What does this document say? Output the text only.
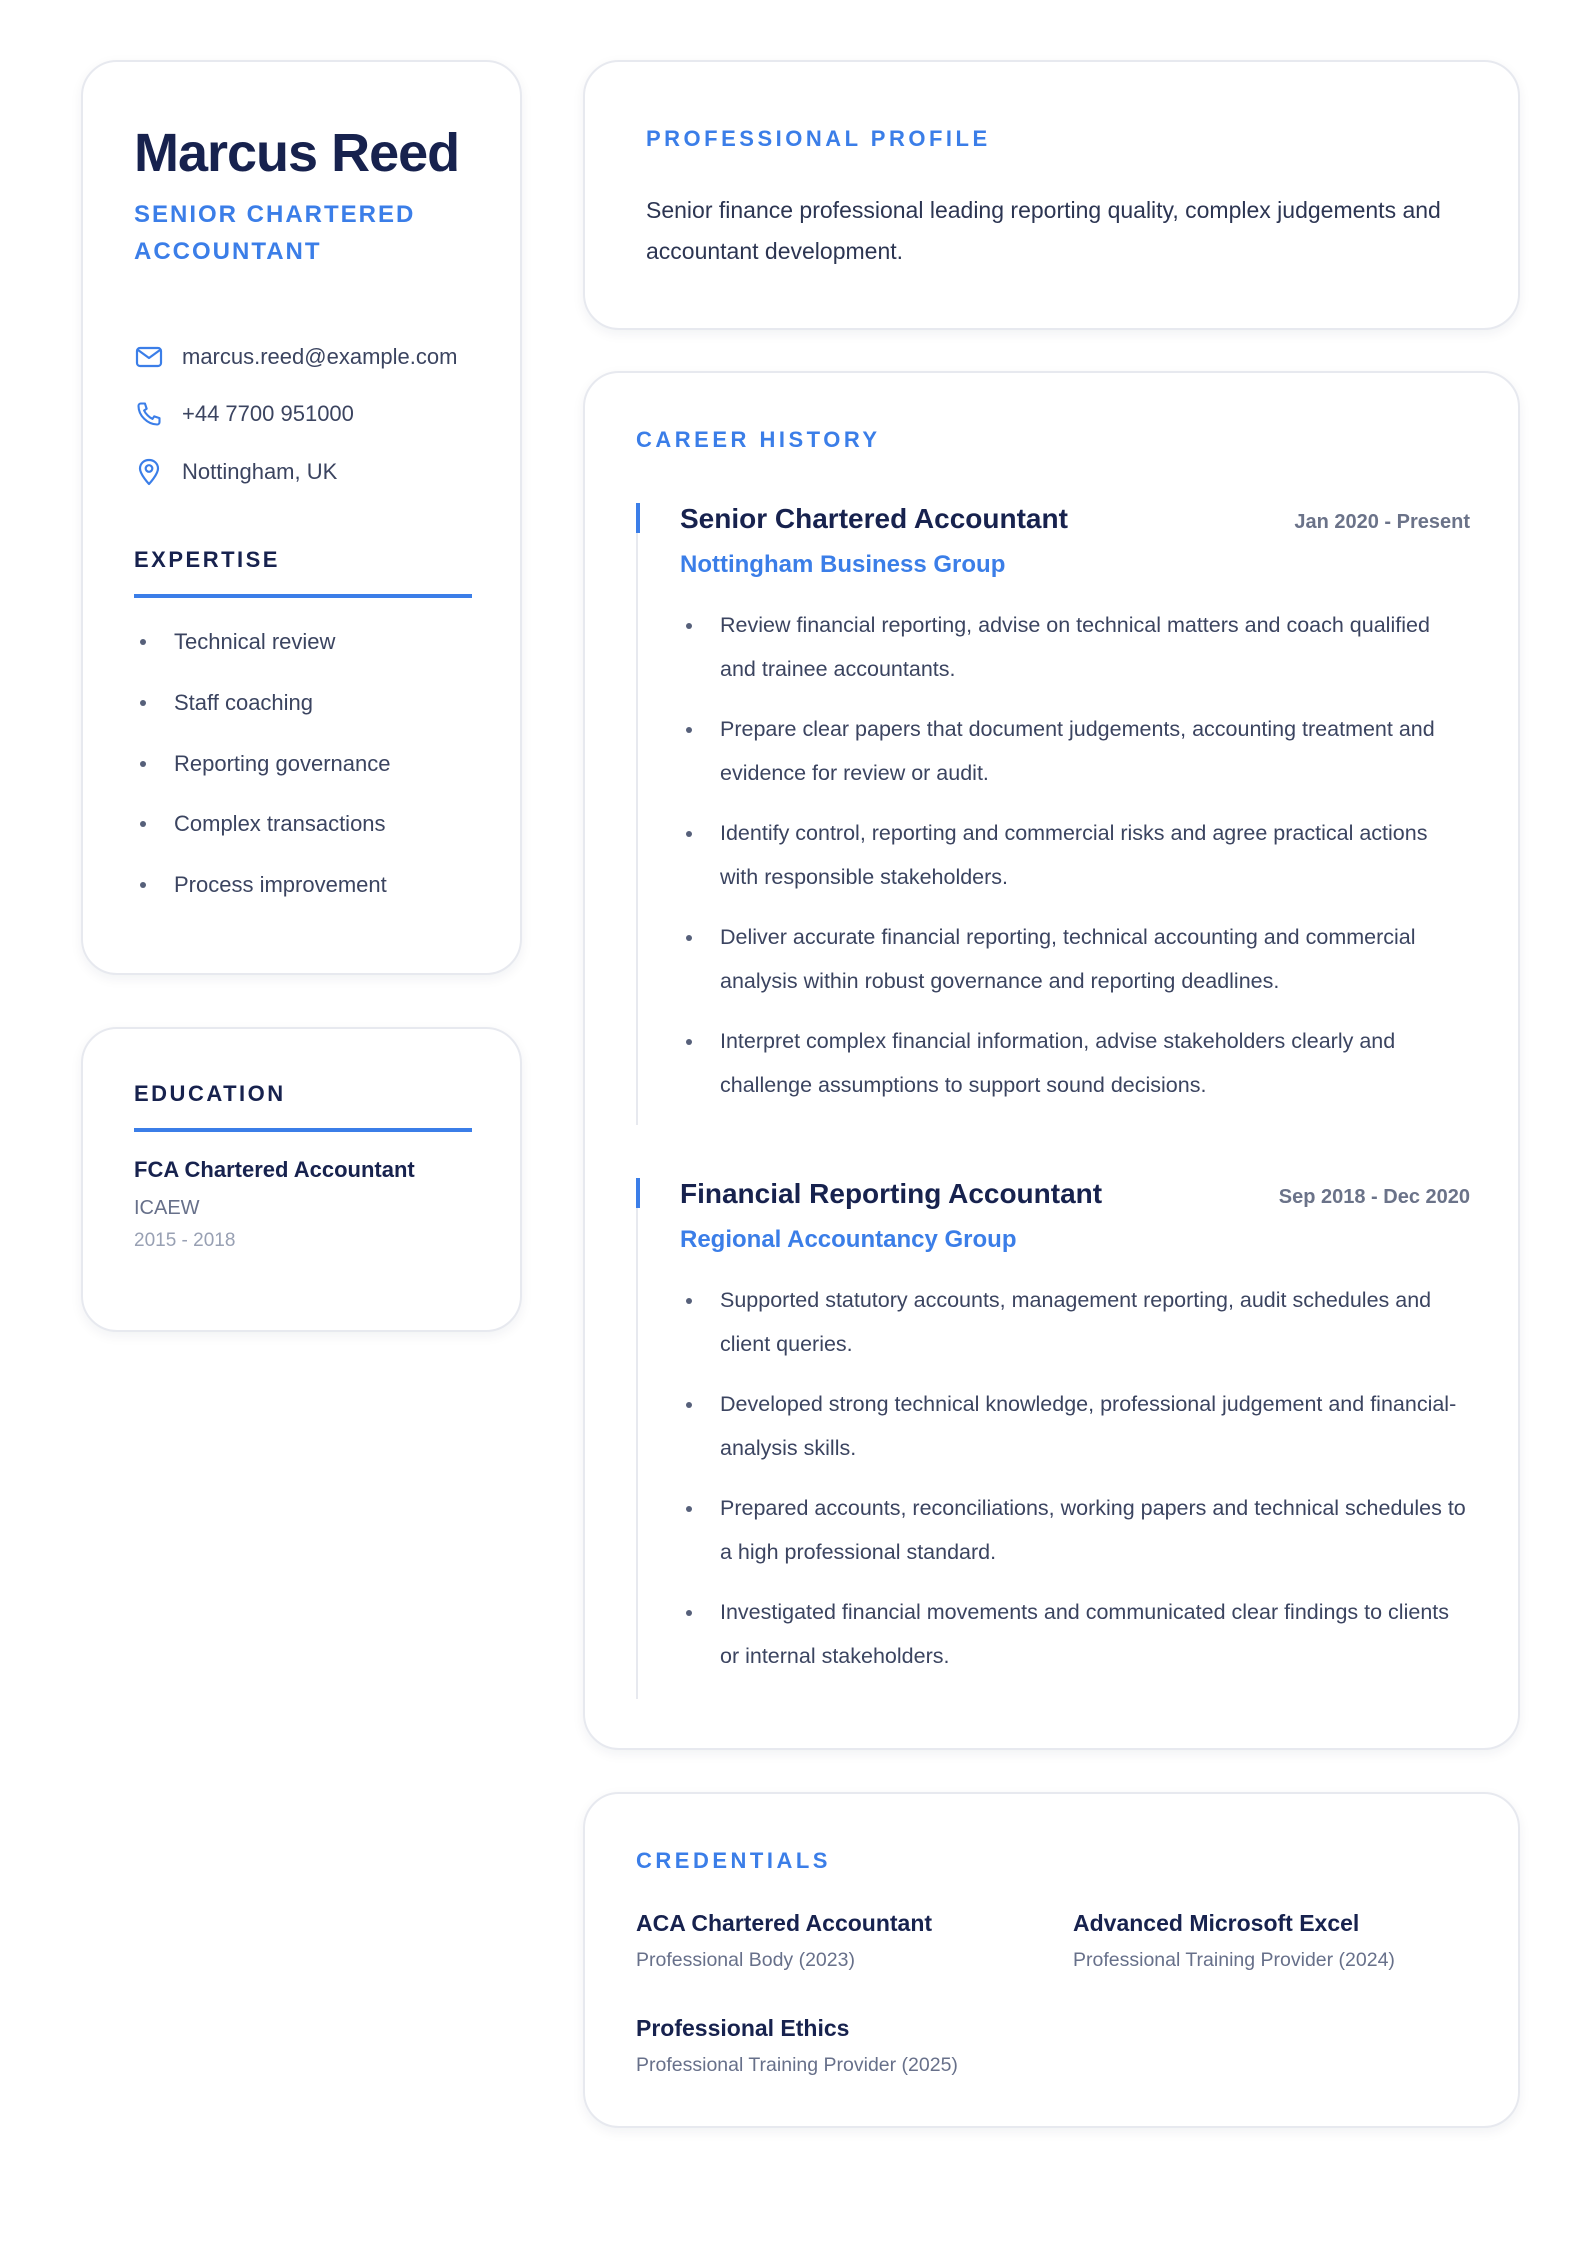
Marcus Reed
SENIOR CHARTERED ACCOUNTANT
marcus.reed@example.com
+44 7700 951000
Nottingham, UK
EXPERTISE
Technical review
Staff coaching
Reporting governance
Complex transactions
Process improvement
EDUCATION
FCA Chartered Accountant
ICAEW
2015 - 2018
PROFESSIONAL PROFILE

Senior finance professional leading reporting quality, complex judgements and accountant development.

CAREER HISTORY
Senior Chartered Accountant	Jan 2020 - Present
Nottingham Business Group
Review financial reporting, advise on technical matters and coach qualified and trainee accountants.
Prepare clear papers that document judgements, accounting treatment and evidence for review or audit.
Identify control, reporting and commercial risks and agree practical actions with responsible stakeholders.
Deliver accurate financial reporting, technical accounting and commercial analysis within robust governance and reporting deadlines.
Interpret complex financial information, advise stakeholders clearly and challenge assumptions to support sound decisions.
Financial Reporting Accountant	Sep 2018 - Dec 2020
Regional Accountancy Group
Supported statutory accounts, management reporting, audit schedules and client queries.
Developed strong technical knowledge, professional judgement and financial-analysis skills.
Prepared accounts, reconciliations, working papers and technical schedules to a high professional standard.
Investigated financial movements and communicated clear findings to clients or internal stakeholders.
CREDENTIALS
ACA Chartered Accountant
Professional Body (2023)
Advanced Microsoft Excel
Professional Training Provider (2024)
Professional Ethics
Professional Training Provider (2025)
